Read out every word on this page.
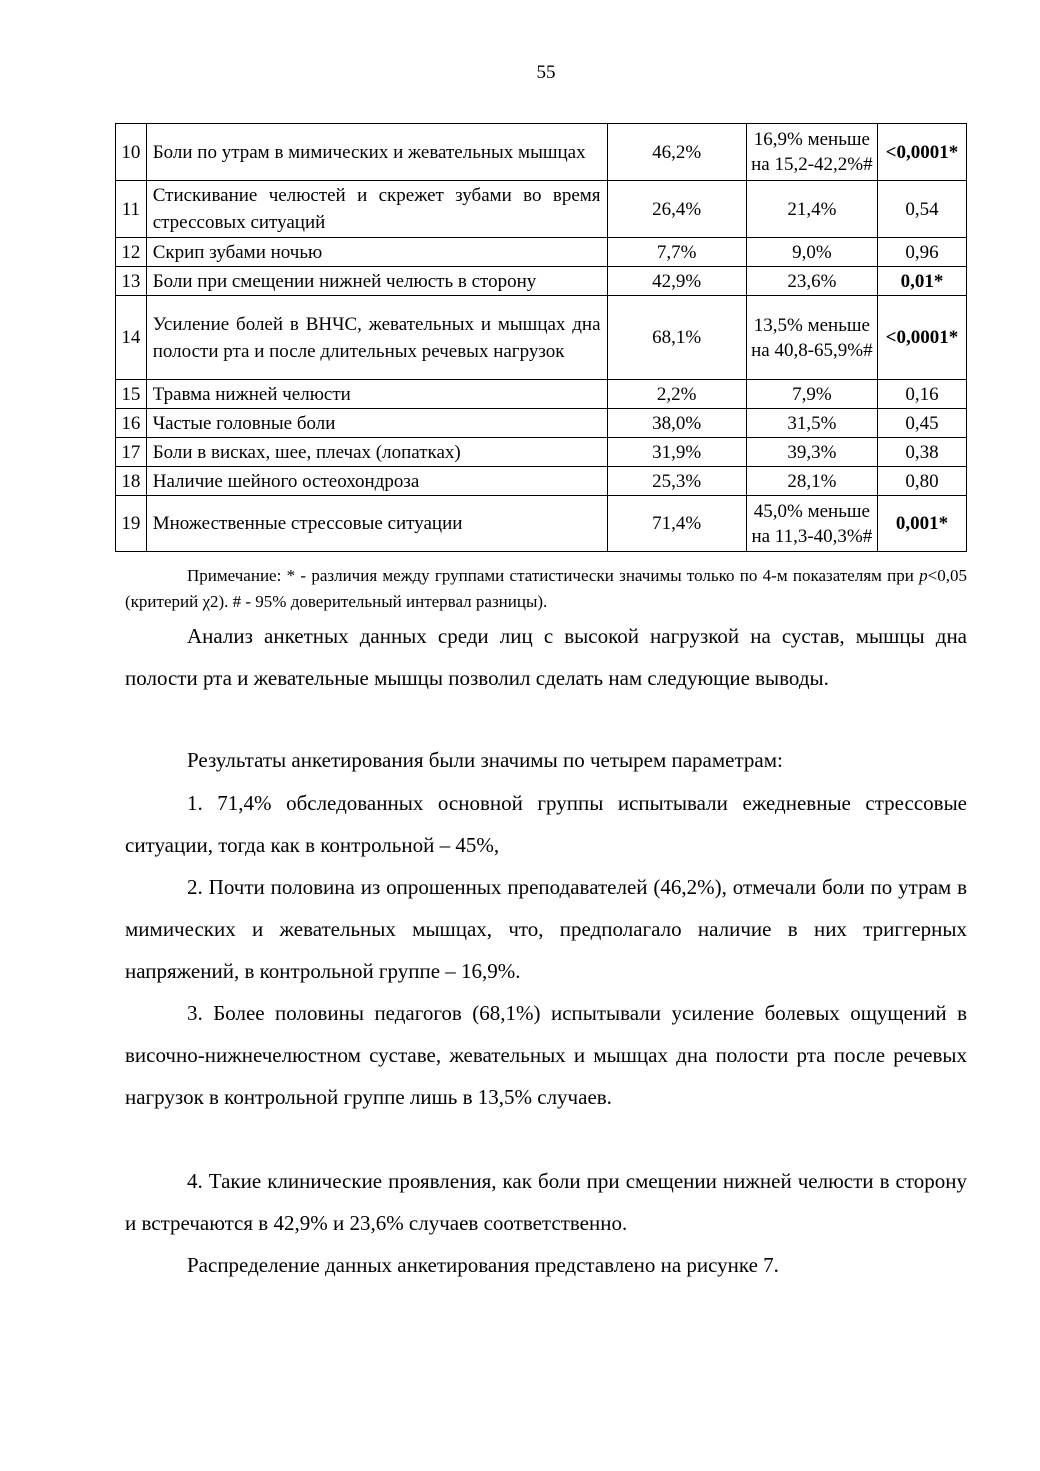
55
10	Боли по утрам в мимических и жевательных мышцах	46,2%	16,9% меньше на 15,2-42,2%#	<0,0001*
11	Стискивание челюстей и скрежет зубами во время стрессовых ситуаций	26,4%	21,4%	0,54
12	Скрип зубами ночью	7,7%	9,0%	0,96
13	Боли при смещении нижней челюсть в сторону	42,9%	23,6%	0,01*
14	Усиление болей в ВНЧС, жевательных и мышцах дна полости рта и после длительных речевых нагрузок	68,1%	13,5% меньше на 40,8-65,9%#	<0,0001*
15	Травма нижней челюсти	2,2%	7,9%	0,16
16	Частые головные боли	38,0%	31,5%	0,45
17	Боли в висках, шее, плечах (лопатках)	31,9%	39,3%	0,38
18	Наличие шейного остеохондроза	25,3%	28,1%	0,80
19	Множественные стрессовые ситуации	71,4%	45,0% меньше на 11,3-40,3%#	0,001*

Примечание: * - различия между группами статистически значимы только по 4-м показателям при p<0,05 (критерий χ2). # - 95% доверительный интервал разницы).

Анализ анкетных данных среди лиц с высокой нагрузкой на сустав, мышцы дна полости рта и жевательные мышцы позволил сделать нам следующие выводы.

Результаты анкетирования были значимы по четырем параметрам:

1. 71,4% обследованных основной группы испытывали ежедневные стрессовые ситуации, тогда как в контрольной – 45%,

2. Почти половина из опрошенных преподавателей (46,2%), отмечали боли по утрам в мимических и жевательных мышцах, что, предполагало наличие в них триггерных напряжений, в контрольной группе – 16,9%.

3. Более половины педагогов (68,1%) испытывали усиление болевых ощущений в височно-нижнечелюстном суставе, жевательных и мышцах дна полости рта после речевых нагрузок в контрольной группе лишь в 13,5% случаев.

4. Такие клинические проявления, как боли при смещении нижней челюсти в сторону и встречаются в 42,9% и 23,6% случаев соответственно.

Распределение данных анкетирования представлено на рисунке 7.
